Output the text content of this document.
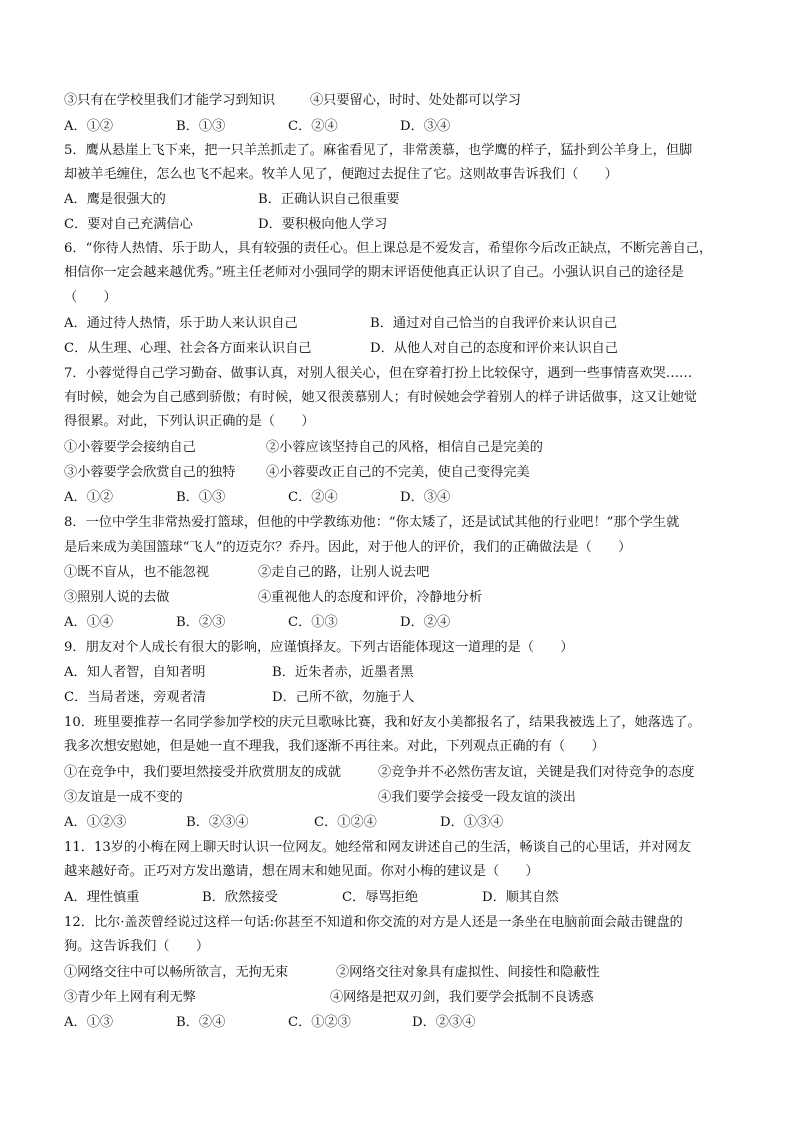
③只有在学校里我们才能学习到知识	④只要留心，时时、处处都可以学习
A．①②	B．①③	C．②④	D．③④
5．鹰从悬崖上飞下来，把一只羊羔抓走了。麻雀看见了，非常羡慕，也学鹰的样子，猛扑到公羊身上，但脚
却被羊毛缠住，怎么也飞不起来。牧羊人见了，便跑过去捉住了它。这则故事告诉我们（　　）
A．鹰是很强大的	B．正确认识自己很重要
C．要对自己充满信心	D．要积极向他人学习
6．“你待人热情、乐于助人，具有较强的责任心。但上课总是不爱发言，希望你今后改正缺点，不断完善自己，
相信你一定会越来越优秀。”班主任老师对小强同学的期末评语使他真正认识了自己。小强认识自己的途径是
（　　）
A．通过待人热情，乐于助人来认识自己	B．通过对自己恰当的自我评价来认识自己
C．从生理、心理、社会各方面来认识自己	D．从他人对自己的态度和评价来认识自己
7．小蓉觉得自己学习勤奋、做事认真，对别人很关心，但在穿着打扮上比较保守，遇到一些事情喜欢哭……
有时候，她会为自己感到骄傲；有时候，她又很羡慕别人；有时候她会学着别人的样子讲话做事，这又让她觉
得很累。对此，下列认识正确的是（　　）
①小蓉要学会接纳自己	②小蓉应该坚持自己的风格，相信自己是完美的
③小蓉要学会欣赏自己的独特 ④小蓉要改正自己的不完美，使自己变得完美
A．①②	B．①③	C．②④	D．③④
8．一位中学生非常热爱打篮球，但他的中学教练劝他：“你太矮了，还是试试其他的行业吧！”那个学生就
是后来成为美国篮球“飞人”的迈克尔？乔丹。因此，对于他人的评价，我们的正确做法是（　　）
①既不盲从，也不能忽视	②走自己的路，让别人说去吧
③照别人说的去做	④重视他人的态度和评价，冷静地分析
A．①④	B．②③	C．①③	D．②④
9．朋友对个人成长有很大的影响，应谨慎择友。下列古语能体现这一道理的是（　　）
A．知人者智，自知者明	B．近朱者赤，近墨者黑
C．当局者迷，旁观者清	D．己所不欲，勿施于人
10．班里要推荐一名同学参加学校的庆元旦歌咏比赛，我和好友小美都报名了，结果我被选上了，她落选了。
我多次想安慰她，但是她一直不理我，我们逐渐不再往来。对此，下列观点正确的有（　　）
①在竞争中，我们要坦然接受并欣赏朋友的成就	②竞争并不必然伤害友谊，关键是我们对待竞争的态度
③友谊是一成不变的	④我们要学会接受一段友谊的淡出
A．①②③	B．②③④	C．①②④	D．①③④
11．13岁的小梅在网上聊天时认识一位网友。她经常和网友讲述自己的生活，畅谈自己的心里话，并对网友
越来越好奇。正巧对方发出邀请，想在周末和她见面。你对小梅的建议是（　　）
A．理性慎重	B．欣然接受	C．辱骂拒绝	D．顺其自然
12．比尔·盖茨曾经说过这样一句话:你甚至不知道和你交流的对方是人还是一条坐在电脑前面会敲击键盘的
狗。这告诉我们（　　）
①网络交往中可以畅所欲言，无拘无束	②网络交往对象具有虚拟性、间接性和隐蔽性
③青少年上网有利无弊	④网络是把双刃剑，我们要学会抵制不良诱惑
A．①③	B．②④	C．①②③	D．②③④
